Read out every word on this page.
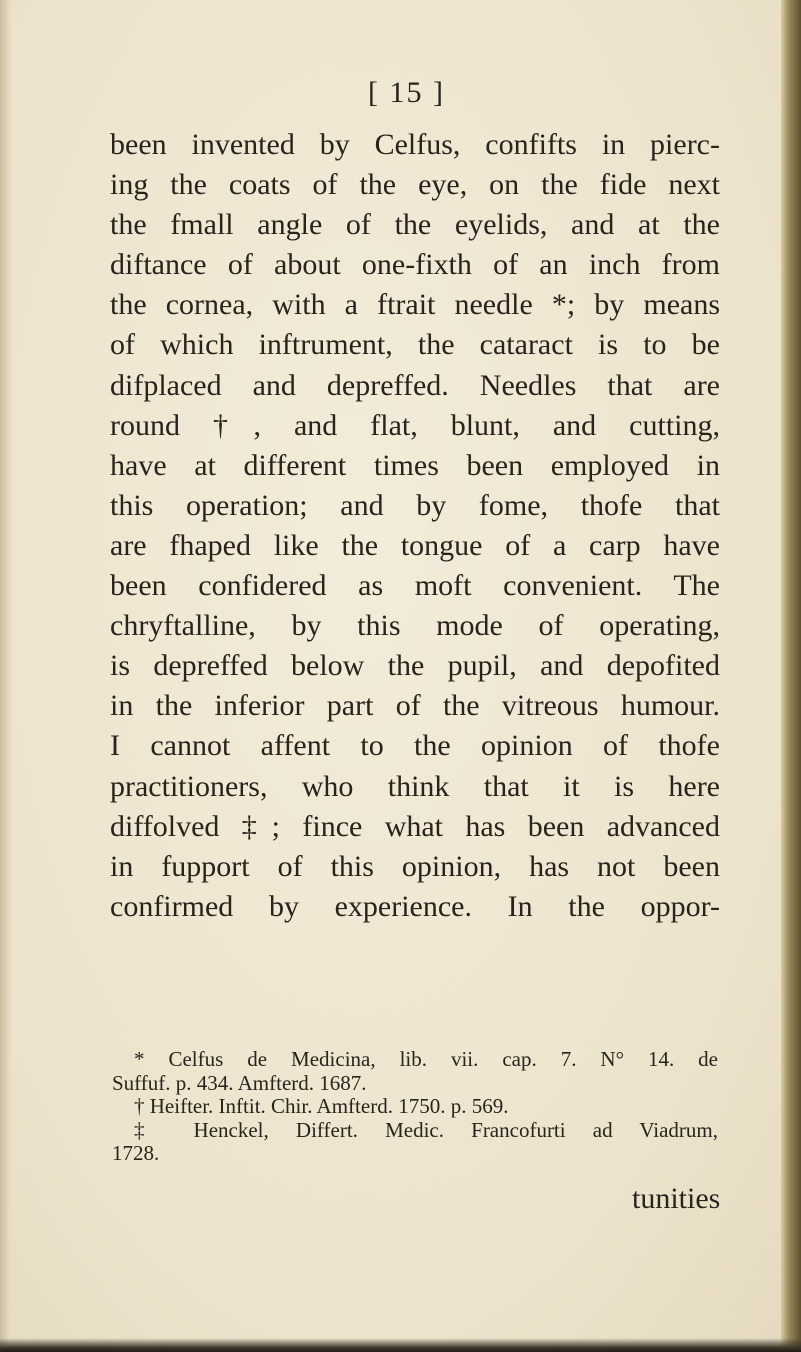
[ 15 ]
been invented by Celfus, confifts in pierc-
ing the coats of the eye, on the fide next
the fmall angle of the eyelids, and at the
diftance of about one-fixth of an inch from
the cornea, with a ftrait needle *; by means
of which inftrument, the cataract is to be
difplaced and depreffed. Needles that are
round †, and flat, blunt, and cutting,
have at different times been employed in
this operation; and by fome, thofe that
are fhaped like the tongue of a carp have
been confidered as moft convenient. The
chryftalline, by this mode of operating,
is depreffed below the pupil, and depofited
in the inferior part of the vitreous humour.
I cannot affent to the opinion of thofe
practitioners, who think that it is here
diffolved ‡; fince what has been advanced
in fupport of this opinion, has not been
confirmed by experience. In the oppor-
* Celfus de Medicina, lib. vii. cap. 7. N° 14. de
Suffuf. p. 434. Amfterd. 1687.
† Heifter. Inftit. Chir. Amfterd. 1750. p. 569.
‡ Henckel, Differt. Medic. Francofurti ad Viadrum,
1728.
tunities
